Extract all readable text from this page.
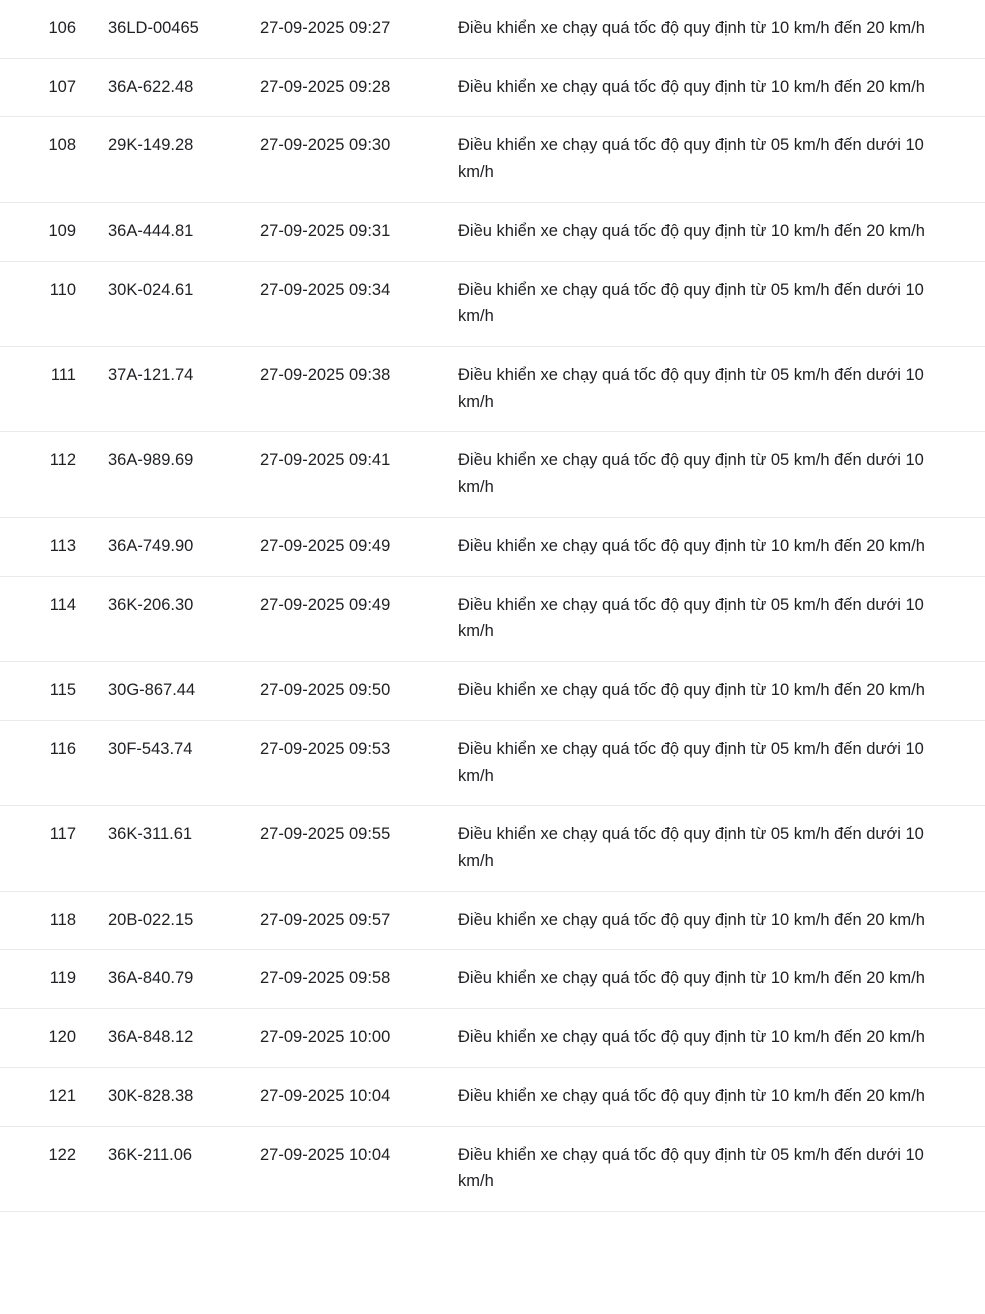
106	36LD-00465	27-09-2025 09:27	Điều khiển xe chạy quá tốc độ quy định từ 10 km/h đến 20 km/h
107	36A-622.48	27-09-2025 09:28	Điều khiển xe chạy quá tốc độ quy định từ 10 km/h đến 20 km/h
108	29K-149.28	27-09-2025 09:30	Điều khiển xe chạy quá tốc độ quy định từ 05 km/h đến dưới 10 km/h
109	36A-444.81	27-09-2025 09:31	Điều khiển xe chạy quá tốc độ quy định từ 10 km/h đến 20 km/h
110	30K-024.61	27-09-2025 09:34	Điều khiển xe chạy quá tốc độ quy định từ 05 km/h đến dưới 10 km/h
111	37A-121.74	27-09-2025 09:38	Điều khiển xe chạy quá tốc độ quy định từ 05 km/h đến dưới 10 km/h
112	36A-989.69	27-09-2025 09:41	Điều khiển xe chạy quá tốc độ quy định từ 05 km/h đến dưới 10 km/h
113	36A-749.90	27-09-2025 09:49	Điều khiển xe chạy quá tốc độ quy định từ 10 km/h đến 20 km/h
114	36K-206.30	27-09-2025 09:49	Điều khiển xe chạy quá tốc độ quy định từ 05 km/h đến dưới 10 km/h
115	30G-867.44	27-09-2025 09:50	Điều khiển xe chạy quá tốc độ quy định từ 10 km/h đến 20 km/h
116	30F-543.74	27-09-2025 09:53	Điều khiển xe chạy quá tốc độ quy định từ 05 km/h đến dưới 10 km/h
117	36K-311.61	27-09-2025 09:55	Điều khiển xe chạy quá tốc độ quy định từ 05 km/h đến dưới 10 km/h
118	20B-022.15	27-09-2025 09:57	Điều khiển xe chạy quá tốc độ quy định từ 10 km/h đến 20 km/h
119	36A-840.79	27-09-2025 09:58	Điều khiển xe chạy quá tốc độ quy định từ 10 km/h đến 20 km/h
120	36A-848.12	27-09-2025 10:00	Điều khiển xe chạy quá tốc độ quy định từ 10 km/h đến 20 km/h
121	30K-828.38	27-09-2025 10:04	Điều khiển xe chạy quá tốc độ quy định từ 10 km/h đến 20 km/h
122	36K-211.06	27-09-2025 10:04	Điều khiển xe chạy quá tốc độ quy định từ 05 km/h đến dưới 10 km/h
